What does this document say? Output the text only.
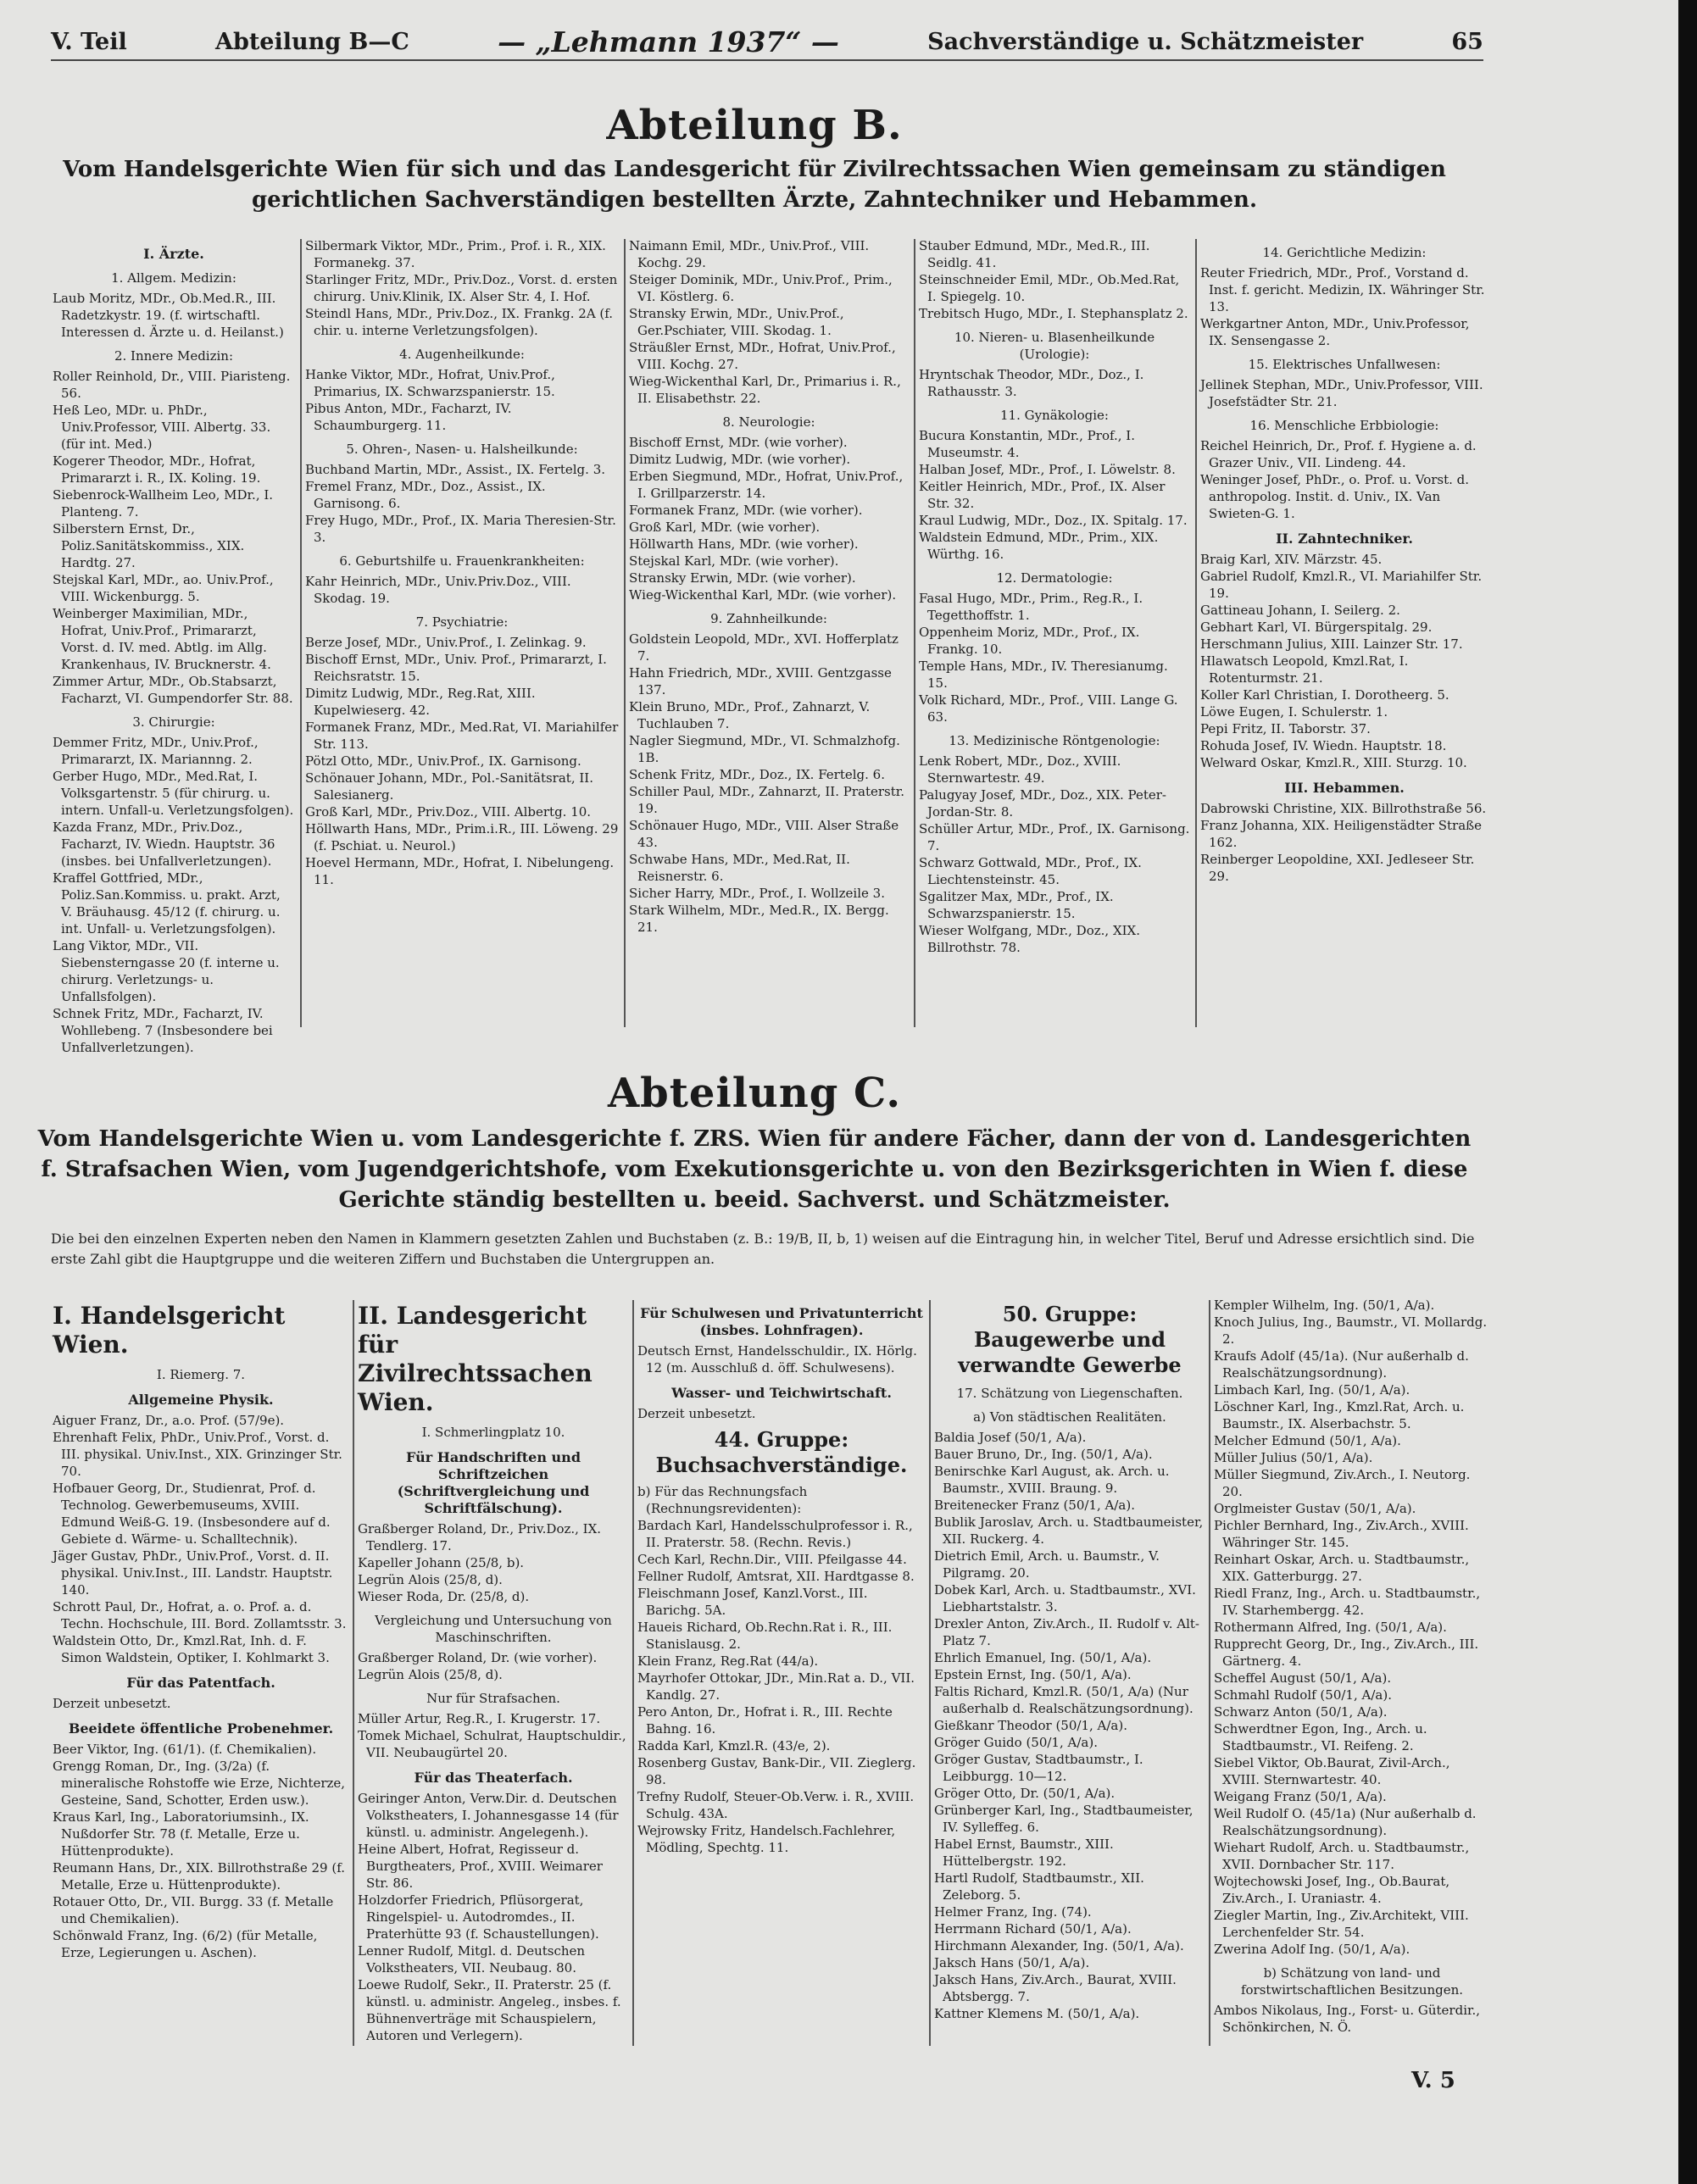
V. Teil	Abteilung B—C	— „Lehmann 1937“ —	Sachverständige u. Schätzmeister	65
Abteilung B.
Vom Handelsgerichte Wien für sich und das Landesgericht für Zivilrechtssachen Wien gemeinsam zu ständigen gerichtlichen Sachverständigen bestellten Ärzte, Zahntechniker und Hebammen.
I. Ärzte.
1. Allgem. Medizin:
Laub Moritz, MDr., Ob.Med.R., III. Radetzkystr. 19. (f. wirtschaftl. Interessen d. Ärzte u. d. Heilanst.)
2. Innere Medizin:
Roller Reinhold, Dr., VIII. Piaristeng. 56.
Heß Leo, MDr. u. PhDr., Univ.Professor, VIII. Albertg. 33. (für int. Med.)
Kogerer Theodor, MDr., Hofrat, Primararzt i. R., IX. Koling. 19.
Siebenrock-Wallheim Leo, MDr., I. Planteng. 7.
Silberstern Ernst, Dr., Poliz.Sanitätskommiss., XIX. Hardtg. 27.
Stejskal Karl, MDr., ao. Univ.Prof., VIII. Wickenburgg. 5.
Weinberger Maximilian, MDr., Hofrat, Univ.Prof., Primararzt, Vorst. d. IV. med. Abtlg. im Allg. Krankenhaus, IV. Brucknerstr. 4.
Zimmer Artur, MDr., Ob.Stabsarzt, Facharzt, VI. Gumpendorfer Str. 88.
3. Chirurgie:
Demmer Fritz, MDr., Univ.Prof., Primararzt, IX. Mariannng. 2.
Gerber Hugo, MDr., Med.Rat, I. Volksgartenstr. 5 (für chirurg. u. intern. Unfall-u. Verletzungsfolgen).
Kazda Franz, MDr., Priv.Doz., Facharzt, IV. Wiedn. Hauptstr. 36 (insbes. bei Unfallverletzungen).
Kraffel Gottfried, MDr., Poliz.San.Kommiss. u. prakt. Arzt, V. Bräuhausg. 45/12 (f. chirurg. u. int. Unfall- u. Verletzungsfolgen).
Lang Viktor, MDr., VII. Siebensterngasse 20 (f. interne u. chirurg. Verletzungs- u. Unfallsfolgen).
Schnek Fritz, MDr., Facharzt, IV. Wohllebeng. 7 (Insbesondere bei Unfallverletzungen).
Silbermark Viktor, MDr., Prim., Prof. i. R., XIX. Formanekg. 37.
Starlinger Fritz, MDr., Priv.Doz., Vorst. d. ersten chirurg. Univ.Klinik, IX. Alser Str. 4, I. Hof.
Steindl Hans, MDr., Priv.Doz., IX. Frankg. 2A (f. chir. u. interne Verletzungsfolgen).
4. Augenheilkunde:
Hanke Viktor, MDr., Hofrat, Univ.Prof., Primarius, IX. Schwarzspanierstr. 15.
Pibus Anton, MDr., Facharzt, IV. Schaumburgerg. 11.
5. Ohren-, Nasen- u. Halsheilkunde:
Buchband Martin, MDr., Assist., IX. Fertelg. 3.
Fremel Franz, MDr., Doz., Assist., IX. Garnisong. 6.
Frey Hugo, MDr., Prof., IX. Maria Theresien-Str. 3.
6. Geburtshilfe u. Frauenkrankheiten:
Kahr Heinrich, MDr., Univ.Priv.Doz., VIII. Skodag. 19.
7. Psychiatrie:
Berze Josef, MDr., Univ.Prof., I. Zelinkag. 9.
Bischoff Ernst, MDr., Univ. Prof., Primararzt, I. Reichsratstr. 15.
Dimitz Ludwig, MDr., Reg.Rat, XIII. Kupelwieserg. 42.
Formanek Franz, MDr., Med.Rat, VI. Mariahilfer Str. 113.
Pötzl Otto, MDr., Univ.Prof., IX. Garnisong.
Schönauer Johann, MDr., Pol.-Sanitätsrat, II. Salesianerg.
Groß Karl, MDr., Priv.Doz., VIII. Albertg. 10.
Höllwarth Hans, MDr., Prim.i.R., III. Löweng. 29 (f. Pschiat. u. Neurol.)
Hoevel Hermann, MDr., Hofrat, I. Nibelungeng. 11.
Naimann Emil, MDr., Univ.Prof., VIII. Kochg. 29.
Steiger Dominik, MDr., Univ.Prof., Prim., VI. Köstlerg. 6.
Stransky Erwin, MDr., Univ.Prof., Ger.Pschiater, VIII. Skodag. 1.
Sträußler Ernst, MDr., Hofrat, Univ.Prof., VIII. Kochg. 27.
Wieg-Wickenthal Karl, Dr., Primarius i. R., II. Elisabethstr. 22.
8. Neurologie:
Bischoff Ernst, MDr. (wie vorher).
Dimitz Ludwig, MDr. (wie vorher).
Erben Siegmund, MDr., Hofrat, Univ.Prof., I. Grillparzerstr. 14.
Formanek Franz, MDr. (wie vorher).
Groß Karl, MDr. (wie vorher).
Höllwarth Hans, MDr. (wie vorher).
Stejskal Karl, MDr. (wie vorher).
Stransky Erwin, MDr. (wie vorher).
Wieg-Wickenthal Karl, MDr. (wie vorher).
9. Zahnheilkunde:
Goldstein Leopold, MDr., XVI. Hofferplatz 7.
Hahn Friedrich, MDr., XVIII. Gentzgasse 137.
Klein Bruno, MDr., Prof., Zahnarzt, V. Tuchlauben 7.
Nagler Siegmund, MDr., VI. Schmalzhofg. 1B.
Schenk Fritz, MDr., Doz., IX. Fertelg. 6.
Schiller Paul, MDr., Zahnarzt, II. Praterstr. 19.
Schönauer Hugo, MDr., VIII. Alser Straße 43.
Schwabe Hans, MDr., Med.Rat, II. Reisnerstr. 6.
Sicher Harry, MDr., Prof., I. Wollzeile 3.
Stark Wilhelm, MDr., Med.R., IX. Bergg. 21.
Stauber Edmund, MDr., Med.R., III. Seidlg. 41.
Steinschneider Emil, MDr., Ob.Med.Rat, I. Spiegelg. 10.
Trebitsch Hugo, MDr., I. Stephansplatz 2.
10. Nieren- u. Blasenheilkunde (Urologie):
Hryntschak Theodor, MDr., Doz., I. Rathausstr. 3.
11. Gynäkologie:
Bucura Konstantin, MDr., Prof., I. Museumstr. 4.
Halban Josef, MDr., Prof., I. Löwelstr. 8.
Keitler Heinrich, MDr., Prof., IX. Alser Str. 32.
Kraul Ludwig, MDr., Doz., IX. Spitalg. 17.
Waldstein Edmund, MDr., Prim., XIX. Würthg. 16.
12. Dermatologie:
Fasal Hugo, MDr., Prim., Reg.R., I. Tegetthoffstr. 1.
Oppenheim Moriz, MDr., Prof., IX. Frankg. 10.
Temple Hans, MDr., IV. Theresianumg. 15.
Volk Richard, MDr., Prof., VIII. Lange G. 63.
13. Medizinische Röntgenologie:
Lenk Robert, MDr., Doz., XVIII. Sternwartestr. 49.
Palugyay Josef, MDr., Doz., XIX. Peter-Jordan-Str. 8.
Schüller Artur, MDr., Prof., IX. Garnisong. 7.
Schwarz Gottwald, MDr., Prof., IX. Liechtensteinstr. 45.
Sgalitzer Max, MDr., Prof., IX. Schwarzspanierstr. 15.
Wieser Wolfgang, MDr., Doz., XIX. Billrothstr. 78.
14. Gerichtliche Medizin:
Reuter Friedrich, MDr., Prof., Vorstand d. Inst. f. gericht. Medizin, IX. Währinger Str. 13.
Werkgartner Anton, MDr., Univ.Professor, IX. Sensengasse 2.
15. Elektrisches Unfallwesen:
Jellinek Stephan, MDr., Univ.Professor, VIII. Josefstädter Str. 21.
16. Menschliche Erbbiologie:
Reichel Heinrich, Dr., Prof. f. Hygiene a. d. Grazer Univ., VII. Lindeng. 44.
Weninger Josef, PhDr., o. Prof. u. Vorst. d. anthropolog. Instit. d. Univ., IX. Van Swieten-G. 1.
II. Zahntechniker.
Braig Karl, XIV. Märzstr. 45.
Gabriel Rudolf, Kmzl.R., VI. Mariahilfer Str. 19.
Gattineau Johann, I. Seilerg. 2.
Gebhart Karl, VI. Bürgerspitalg. 29.
Herschmann Julius, XIII. Lainzer Str. 17.
Hlawatsch Leopold, Kmzl.Rat, I. Rotenturmstr. 21.
Koller Karl Christian, I. Dorotheerg. 5.
Löwe Eugen, I. Schulerstr. 1.
Pepi Fritz, II. Taborstr. 37.
Rohuda Josef, IV. Wiedn. Hauptstr. 18.
Welward Oskar, Kmzl.R., XIII. Sturzg. 10.
III. Hebammen.
Dabrowski Christine, XIX. Billrothstraße 56.
Franz Johanna, XIX. Heiligenstädter Straße 162.
Reinberger Leopoldine, XXI. Jedleseer Str. 29.
Abteilung C.
Vom Handelsgerichte Wien u. vom Landesgerichte f. ZRS. Wien für andere Fächer, dann der von d. Landesgerichten f. Strafsachen Wien, vom Jugendgerichtshofe, vom Exekutionsgerichte u. von den Bezirksgerichten in Wien f. diese Gerichte ständig bestellten u. beeid. Sachverst. und Schätzmeister.
Die bei den einzelnen Experten neben den Namen in Klammern gesetzten Zahlen und Buchstaben (z. B.: 19/B, II, b, 1) weisen auf die Eintragung hin, in welcher Titel, Beruf und Adresse ersichtlich sind. Die erste Zahl gibt die Hauptgruppe und die weiteren Ziffern und Buchstaben die Untergruppen an.
I. Handelsgericht Wien.
I. Riemerg. 7.
Allgemeine Physik.
Aiguer Franz, Dr., a.o. Prof. (57/9e).
Ehrenhaft Felix, PhDr., Univ.Prof., Vorst. d. III. physikal. Univ.Inst., XIX. Grinzinger Str. 70.
Hofbauer Georg, Dr., Studienrat, Prof. d. Technolog. Gewerbemuseums, XVIII. Edmund Weiß-G. 19. (Insbesondere auf d. Gebiete d. Wärme- u. Schalltechnik).
Jäger Gustav, PhDr., Univ.Prof., Vorst. d. II. physikal. Univ.Inst., III. Landstr. Hauptstr. 140.
Schrott Paul, Dr., Hofrat, a. o. Prof. a. d. Techn. Hochschule, III. Bord. Zollamtsstr. 3.
Waldstein Otto, Dr., Kmzl.Rat, Inh. d. F. Simon Waldstein, Optiker, I. Kohlmarkt 3.
Für das Patentfach.
Derzeit unbesetzt.
Beeidete öffentliche Probenehmer.
Beer Viktor, Ing. (61/1). (f. Chemikalien).
Grengg Roman, Dr., Ing. (3/2a) (f. mineralische Rohstoffe wie Erze, Nichterze, Gesteine, Sand, Schotter, Erden usw.).
Kraus Karl, Ing., Laboratoriumsinh., IX. Nußdorfer Str. 78 (f. Metalle, Erze u. Hüttenprodukte).
Reumann Hans, Dr., XIX. Billrothstraße 29 (f. Metalle, Erze u. Hüttenprodukte).
Rotauer Otto, Dr., VII. Burgg. 33 (f. Metalle und Chemikalien).
Schönwald Franz, Ing. (6/2) (für Metalle, Erze, Legierungen u. Aschen).
II. Landesgericht für Zivilrechtssachen Wien.
I. Schmerlingplatz 10.
Für Handschriften und Schriftzeichen (Schriftvergleichung und Schriftfälschung).
Graßberger Roland, Dr., Priv.Doz., IX. Tendlerg. 17.
Kapeller Johann (25/8, b).
Legrün Alois (25/8, d).
Wieser Roda, Dr. (25/8, d).
Vergleichung und Untersuchung von Maschinschriften.
Graßberger Roland, Dr. (wie vorher).
Legrün Alois (25/8, d).
Nur für Strafsachen.
Müller Artur, Reg.R., I. Krugerstr. 17.
Tomek Michael, Schulrat, Hauptschuldir., VII. Neubaugürtel 20.
Für das Theaterfach.
Geiringer Anton, Verw.Dir. d. Deutschen Volkstheaters, I. Johannesgasse 14 (für künstl. u. administr. Angelegenh.).
Heine Albert, Hofrat, Regisseur d. Burgtheaters, Prof., XVIII. Weimarer Str. 86.
Holzdorfer Friedrich, Pflüsorgerat, Ringelspiel- u. Autodromdes., II. Praterhütte 93 (f. Schaustellungen).
Lenner Rudolf, Mitgl. d. Deutschen Volkstheaters, VII. Neubaug. 80.
Loewe Rudolf, Sekr., II. Praterstr. 25 (f. künstl. u. administr. Angeleg., insbes. f. Bühnenverträge mit Schauspielern, Autoren und Verlegern).
Für Schulwesen und Privatunterricht (insbes. Lohnfragen).
Deutsch Ernst, Handelsschuldir., IX. Hörlg. 12 (m. Ausschluß d. öff. Schulwesens).
Wasser- und Teichwirtschaft.
Derzeit unbesetzt.
44. Gruppe: Buchsachverständige.
b) Für das Rechnungsfach (Rechnungsrevidenten):
Bardach Karl, Handelsschulprofessor i. R., II. Praterstr. 58. (Rechn. Revis.)
Cech Karl, Rechn.Dir., VIII. Pfeilgasse 44.
Fellner Rudolf, Amtsrat, XII. Hardtgasse 8.
Fleischmann Josef, Kanzl.Vorst., III. Barichg. 5A.
Haueis Richard, Ob.Rechn.Rat i. R., III. Stanislausg. 2.
Klein Franz, Reg.Rat (44/a).
Mayrhofer Ottokar, JDr., Min.Rat a. D., VII. Kandlg. 27.
Pero Anton, Dr., Hofrat i. R., III. Rechte Bahng. 16.
Radda Karl, Kmzl.R. (43/e, 2).
Rosenberg Gustav, Bank-Dir., VII. Zieglerg. 98.
Trefny Rudolf, Steuer-Ob.Verw. i. R., XVIII. Schulg. 43A.
Wejrowsky Fritz, Handelsch.Fachlehrer, Mödling, Spechtg. 11.
50. Gruppe: Baugewerbe und verwandte Gewerbe
17. Schätzung von Liegenschaften.
a) Von städtischen Realitäten.
Baldia Josef (50/1, A/a).
Bauer Bruno, Dr., Ing. (50/1, A/a).
Benirschke Karl August, ak. Arch. u. Baumstr., XVIII. Braung. 9.
Breitenecker Franz (50/1, A/a).
Bublik Jaroslav, Arch. u. Stadtbaumeister, XII. Ruckerg. 4.
Dietrich Emil, Arch. u. Baumstr., V. Pilgramg. 20.
Dobek Karl, Arch. u. Stadtbaumstr., XVI. Liebhartstalstr. 3.
Drexler Anton, Ziv.Arch., II. Rudolf v. Alt-Platz 7.
Ehrlich Emanuel, Ing. (50/1, A/a).
Epstein Ernst, Ing. (50/1, A/a).
Faltis Richard, Kmzl.R. (50/1, A/a) (Nur außerhalb d. Realschätzungsordnung).
Gießkanr Theodor (50/1, A/a).
Gröger Guido (50/1, A/a).
Gröger Gustav, Stadtbaumstr., I. Leibburgg. 10—12.
Gröger Otto, Dr. (50/1, A/a).
Grünberger Karl, Ing., Stadtbaumeister, IV. Sylleffeg. 6.
Habel Ernst, Baumstr., XIII. Hüttelbergstr. 192.
Hartl Rudolf, Stadtbaumstr., XII. Zeleborg. 5.
Helmer Franz, Ing. (74).
Herrmann Richard (50/1, A/a).
Hirchmann Alexander, Ing. (50/1, A/a).
Jaksch Hans (50/1, A/a).
Jaksch Hans, Ziv.Arch., Baurat, XVIII. Abtsbergg. 7.
Kattner Klemens M. (50/1, A/a).
Kempler Wilhelm, Ing. (50/1, A/a).
Knoch Julius, Ing., Baumstr., VI. Mollardg. 2.
Kraufs Adolf (45/1a). (Nur außerhalb d. Realschätzungsordnung).
Limbach Karl, Ing. (50/1, A/a).
Löschner Karl, Ing., Kmzl.Rat, Arch. u. Baumstr., IX. Alserbachstr. 5.
Melcher Edmund (50/1, A/a).
Müller Julius (50/1, A/a).
Müller Siegmund, Ziv.Arch., I. Neutorg. 20.
Orglmeister Gustav (50/1, A/a).
Pichler Bernhard, Ing., Ziv.Arch., XVIII. Währinger Str. 145.
Reinhart Oskar, Arch. u. Stadtbaumstr., XIX. Gatterburgg. 27.
Riedl Franz, Ing., Arch. u. Stadtbaumstr., IV. Starhembergg. 42.
Rothermann Alfred, Ing. (50/1, A/a).
Rupprecht Georg, Dr., Ing., Ziv.Arch., III. Gärtnerg. 4.
Scheffel August (50/1, A/a).
Schmahl Rudolf (50/1, A/a).
Schwarz Anton (50/1, A/a).
Schwerdtner Egon, Ing., Arch. u. Stadtbaumstr., VI. Reifeng. 2.
Siebel Viktor, Ob.Baurat, Zivil-Arch., XVIII. Sternwartestr. 40.
Weigang Franz (50/1, A/a).
Weil Rudolf O. (45/1a) (Nur außerhalb d. Realschätzungsordnung).
Wiehart Rudolf, Arch. u. Stadtbaumstr., XVII. Dornbacher Str. 117.
Wojtechowski Josef, Ing., Ob.Baurat, Ziv.Arch., I. Uraniastr. 4.
Ziegler Martin, Ing., Ziv.Architekt, VIII. Lerchenfelder Str. 54.
Zwerina Adolf Ing. (50/1, A/a).
b) Schätzung von land- und forstwirtschaftlichen Besitzungen.
Ambos Nikolaus, Ing., Forst- u. Güterdir., Schönkirchen, N. Ö.
V. 5
